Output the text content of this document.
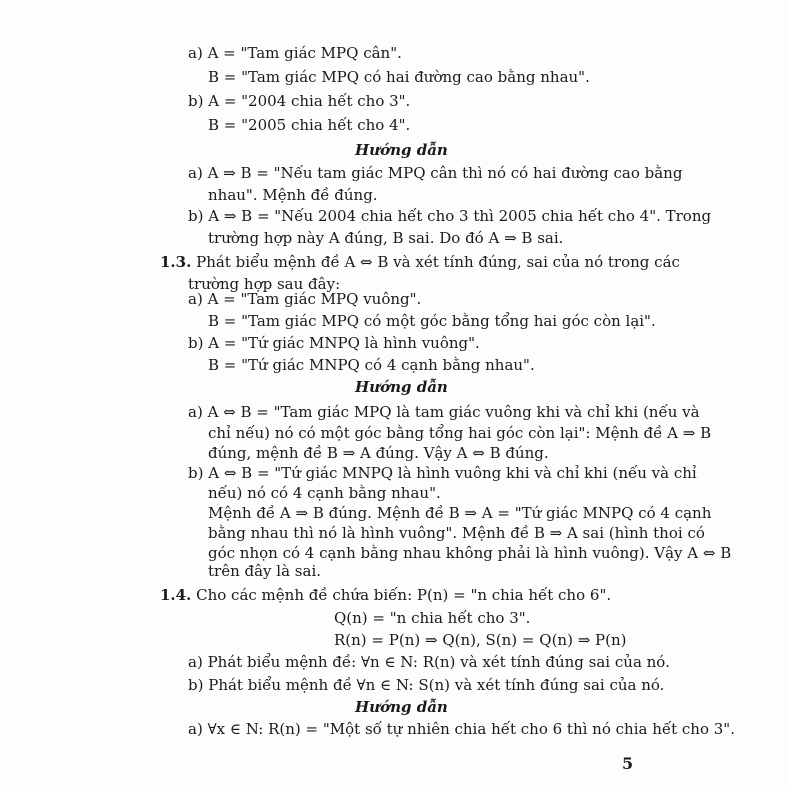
a) A = "Tam giác MPQ cân".
B = "Tam giác MPQ có hai đường cao bằng nhau".
b) A = "2004 chia hết cho 3".
B = "2005 chia hết cho 4".
Hướng dẫn
a) A ⇒ B = "Nếu tam giác MPQ cân thì nó có hai đường cao bằng
nhau". Mệnh đề đúng.
b) A ⇒ B = "Nếu 2004 chia hết cho 3 thì 2005 chia hết cho 4". Trong
trường hợp này A đúng, B sai. Do đó A ⇒ B sai.
1.3. Phát biểu mệnh đề A ⇔ B và xét tính đúng, sai của nó trong các
trường hợp sau đây:
a) A = "Tam giác MPQ vuông".
B = "Tam giác MPQ có một góc bằng tổng hai góc còn lại".
b) A = "Tứ giác MNPQ là hình vuông".
B = "Tứ giác MNPQ có 4 cạnh bằng nhau".
Hướng dẫn
a) A ⇔ B = "Tam giác MPQ là tam giác vuông khi và chỉ khi (nếu và
chỉ nếu) nó có một góc bằng tổng hai góc còn lại": Mệnh đề A ⇒ B
đúng, mệnh đề B ⇒ A đúng. Vậy A ⇔ B đúng.
b) A ⇔ B = "Tứ giác MNPQ là hình vuông khi và chỉ khi (nếu và chỉ
nếu) nó có 4 cạnh bằng nhau".
Mệnh đề A ⇒ B đúng. Mệnh đề B ⇒ A = "Tứ giác MNPQ có 4 cạnh
bằng nhau thì nó là hình vuông". Mệnh đề B ⇒ A sai (hình thoi có
góc nhọn có 4 cạnh bằng nhau không phải là hình vuông). Vậy A ⇔ B
trên đây là sai.
1.4. Cho các mệnh đề chứa biến: P(n) = "n chia hết cho 6".
Q(n) = "n chia hết cho 3".
R(n) = P(n) ⇒ Q(n), S(n) = Q(n) ⇒ P(n)
a) Phát biểu mệnh đề: ∀n ∈ N: R(n) và xét tính đúng sai của nó.
b) Phát biểu mệnh đề ∀n ∈ N: S(n) và xét tính đúng sai của nó.
Hướng dẫn
a) ∀x ∈ N: R(n) = "Một số tự nhiên chia hết cho 6 thì nó chia hết cho 3".
5
